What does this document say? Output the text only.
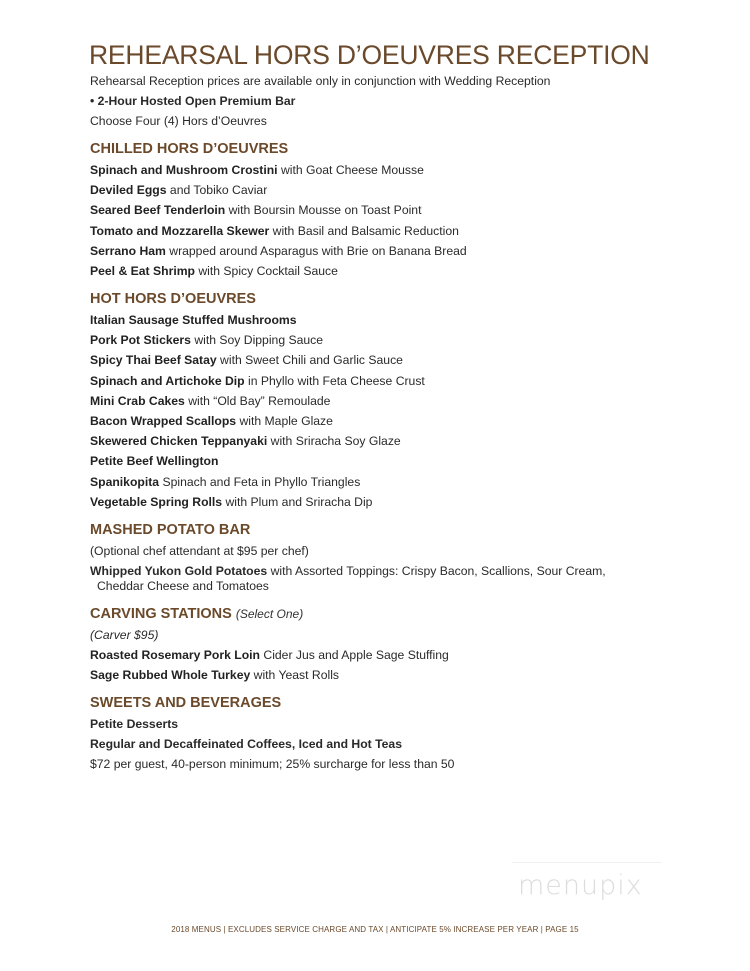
REHEARSAL HORS D’OEUVRES RECEPTION
Rehearsal Reception prices are available only in conjunction with Wedding Reception
• 2-Hour Hosted Open Premium Bar
Choose Four (4) Hors d’Oeuvres
CHILLED HORS D’OEUVRES
Spinach and Mushroom Crostini with Goat Cheese Mousse
Deviled Eggs and Tobiko Caviar
Seared Beef Tenderloin with Boursin Mousse on Toast Point
Tomato and Mozzarella Skewer with Basil and Balsamic Reduction
Serrano Ham wrapped around Asparagus with Brie on Banana Bread
Peel & Eat Shrimp with Spicy Cocktail Sauce
HOT HORS D’OEUVRES
Italian Sausage Stuffed Mushrooms
Pork Pot Stickers with Soy Dipping Sauce
Spicy Thai Beef Satay with Sweet Chili and Garlic Sauce
Spinach and Artichoke Dip in Phyllo with Feta Cheese Crust
Mini Crab Cakes with “Old Bay” Remoulade
Bacon Wrapped Scallops with Maple Glaze
Skewered Chicken Teppanyaki with Sriracha Soy Glaze
Petite Beef Wellington
Spanikopita Spinach and Feta in Phyllo Triangles
Vegetable Spring Rolls with Plum and Sriracha Dip
MASHED POTATO BAR
(Optional chef attendant at $95 per chef)
Whipped Yukon Gold Potatoes with Assorted Toppings: Crispy Bacon, Scallions, Sour Cream,
Cheddar Cheese and Tomatoes
CARVING STATIONS (Select One)
(Carver $95)
Roasted Rosemary Pork Loin Cider Jus and Apple Sage Stuffing
Sage Rubbed Whole Turkey with Yeast Rolls
SWEETS AND BEVERAGES
Petite Desserts
Regular and Decaffeinated Coffees, Iced and Hot Teas
$72 per guest, 40-person minimum; 25% surcharge for less than 50
menupix
2018 MENUS | EXCLUDES SERVICE CHARGE AND TAX | ANTICIPATE 5% INCREASE PER YEAR | PAGE 15
